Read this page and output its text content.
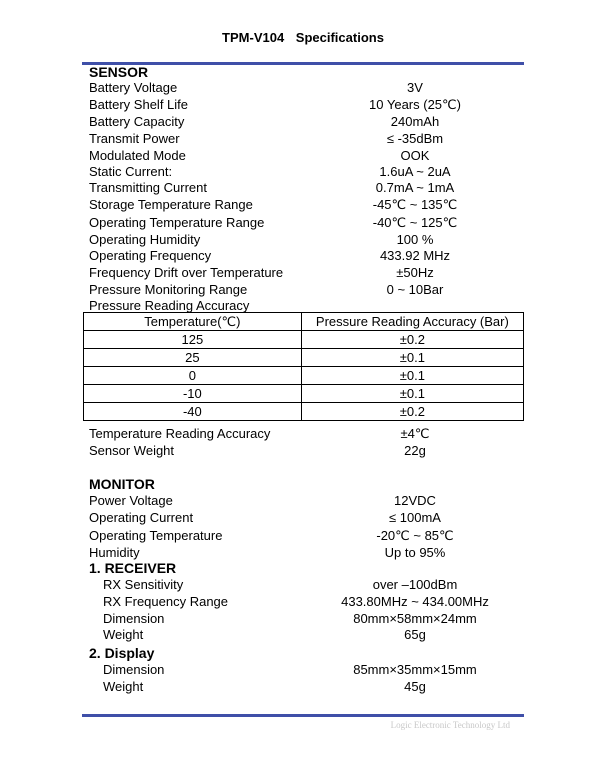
TPM-V104 Specifications
SENSOR
Battery Voltage	3V
Battery Shelf Life	10 Years (25℃)
Battery Capacity	240mAh
Transmit Power	≤ -35dBm
Modulated Mode	OOK
Static Current:	1.6uA ~ 2uA
Transmitting Current	0.7mA ~ 1mA
Storage Temperature Range	-45℃ ~ 135℃
Operating Temperature Range	-40℃ ~ 125℃
Operating Humidity	100 %
Operating Frequency	433.92 MHz
Frequency Drift over Temperature	±50Hz
Pressure Monitoring Range	0 ~ 10Bar
Pressure Reading Accuracy
Temperature(℃)	Pressure Reading Accuracy (Bar)
125	±0.2
25	±0.1
0	±0.1
-10	±0.1
-40	±0.2
Temperature Reading Accuracy	±4℃
Sensor Weight	22g
MONITOR
Power Voltage	12VDC
Operating Current	≤ 100mA
Operating Temperature	-20℃ ~ 85℃
Humidity	Up to 95%
1. RECEIVER
RX Sensitivity	over –100dBm
RX Frequency Range	433.80MHz ~ 434.00MHz
Dimension	80mm×58mm×24mm
Weight	65g
2. Display
Dimension	85mm×35mm×15mm
Weight	45g
Logic Electronic Technology Ltd
